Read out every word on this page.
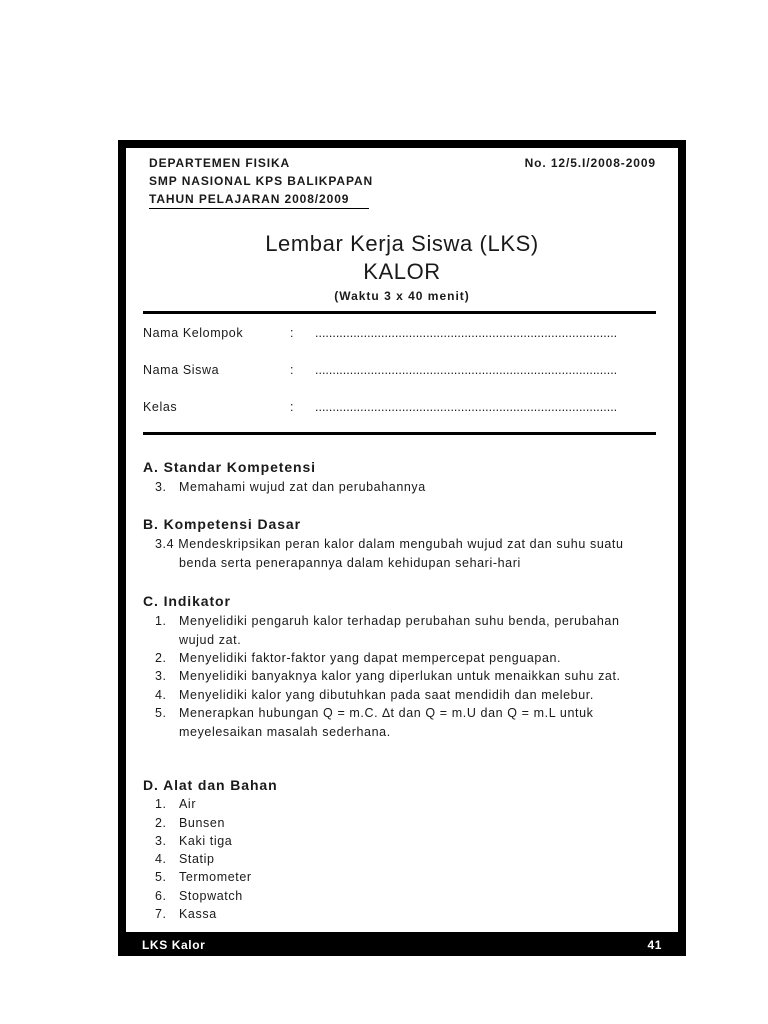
DEPARTEMEN FISIKA
SMP NASIONAL KPS BALIKPAPAN
TAHUN PELAJARAN 2008/2009
No. 12/5.I/2008-2009
Lembar Kerja Siswa (LKS)
KALOR
(Waktu 3 x 40 menit)
Nama Kelompok	: .......................................................................................
Nama Siswa	: .......................................................................................
Kelas	: .......................................................................................
A. Standar Kompetensi
3. Memahami wujud zat dan perubahannya
B. Kompetensi Dasar
3.4 Mendeskripsikan peran kalor dalam mengubah wujud zat dan suhu suatu
benda serta penerapannya dalam kehidupan sehari-hari
C. Indikator
1. Menyelidiki pengaruh kalor terhadap perubahan suhu benda, perubahan wujud zat.
2. Menyelidiki faktor-faktor yang dapat mempercepat penguapan.
3. Menyelidiki banyaknya kalor yang diperlukan untuk menaikkan suhu zat.
4. Menyelidiki kalor yang dibutuhkan pada saat mendidih dan melebur.
5. Menerapkan hubungan Q = m.C. ∆t dan Q = m.U dan Q = m.L untuk meyelesaikan masalah sederhana.
D. Alat dan Bahan
1. Air
2. Bunsen
3. Kaki tiga
4. Statip
5. Termometer
6. Stopwatch
7. Kassa
LKS Kalor	41
